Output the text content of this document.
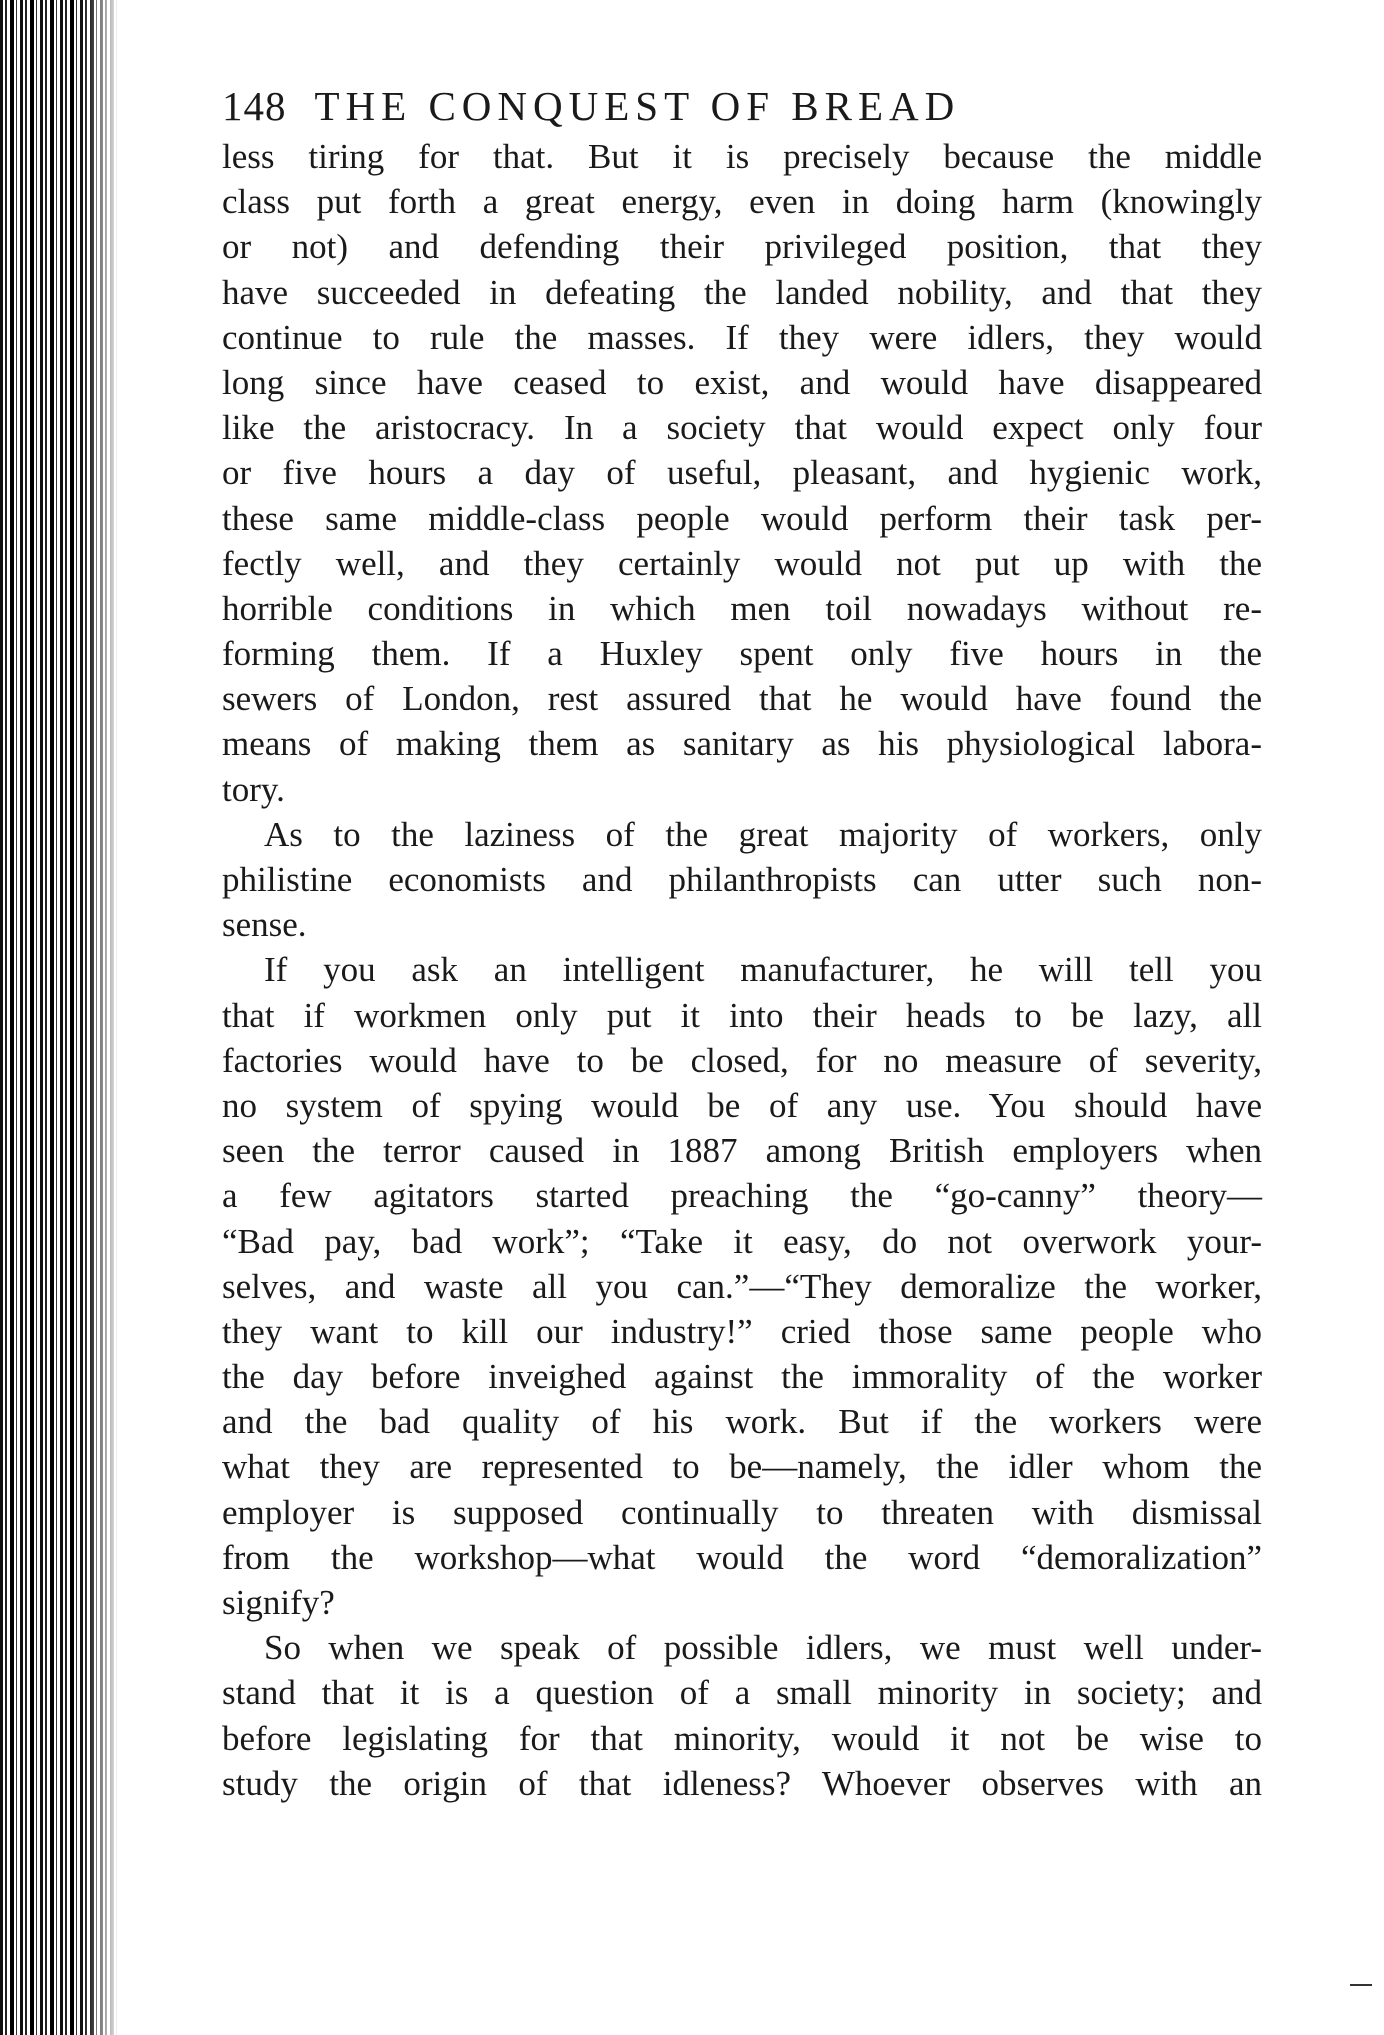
148 THE CONQUEST OF BREAD
less tiring for that. But it is precisely because the middle
class put forth a great energy, even in doing harm (knowingly
or not) and defending their privileged position, that they
have succeeded in defeating the landed nobility, and that they
continue to rule the masses. If they were idlers, they would
long since have ceased to exist, and would have disappeared
like the aristocracy. In a society that would expect only four
or five hours a day of useful, pleasant, and hygienic work,
these same middle-class people would perform their task per-
fectly well, and they certainly would not put up with the
horrible conditions in which men toil nowadays without re-
forming them. If a Huxley spent only five hours in the
sewers of London, rest assured that he would have found the
means of making them as sanitary as his physiological labora-
tory.
As to the laziness of the great majority of workers, only
philistine economists and philanthropists can utter such non-
sense.
If you ask an intelligent manufacturer, he will tell you
that if workmen only put it into their heads to be lazy, all
factories would have to be closed, for no measure of severity,
no system of spying would be of any use. You should have
seen the terror caused in 1887 among British employers when
a few agitators started preaching the “go-canny” theory—
“Bad pay, bad work”; “Take it easy, do not overwork your-
selves, and waste all you can.”—“They demoralize the worker,
they want to kill our industry!” cried those same people who
the day before inveighed against the immorality of the worker
and the bad quality of his work. But if the workers were
what they are represented to be—namely, the idler whom the
employer is supposed continually to threaten with dismissal
from the workshop—what would the word “demoralization”
signify?
So when we speak of possible idlers, we must well under-
stand that it is a question of a small minority in society; and
before legislating for that minority, would it not be wise to
study the origin of that idleness? Whoever observes with an
